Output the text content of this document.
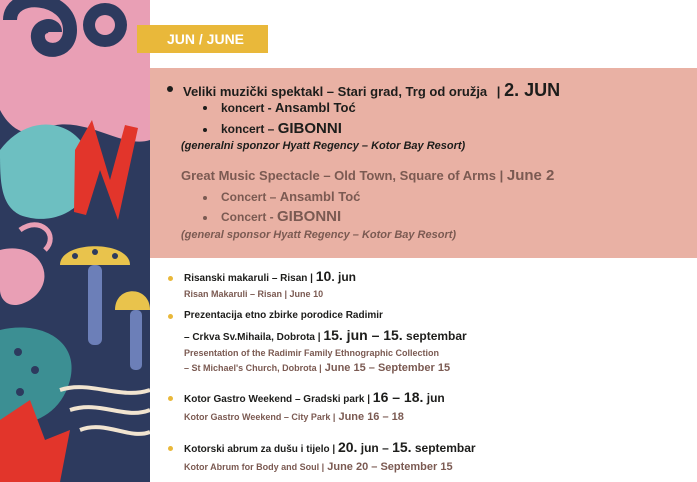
JUN / JUNE
Veliki muzički spektakl – Stari grad, Trg od oružja | 2. JUN
koncert - Ansambl Toć
koncert – GIBONNI
(generalni sponzor Hyatt Regency – Kotor Bay Resort)
Great Music Spectacle – Old Town, Square of Arms | June 2
Concert – Ansambl Toć
Concert - GIBONNI
(general sponsor Hyatt Regency – Kotor Bay Resort)
Risanski makaruli – Risan | 10. jun
Risan Makaruli – Risan | June 10
Prezentacija etno zbirke porodice Radimir
– Crkva Sv.Mihaila, Dobrota | 15. jun – 15. septembar
Presentation of the Radimir Family Ethnographic Collection
– St Michael's Church, Dobrota | June 15 – September 15
Kotor Gastro Weekend – Gradski park | 16 – 18. jun
Kotor Gastro Weekend – City Park | June 16 – 18
Kotorski abrum za dušu i tijelo | 20. jun – 15. septembar
Kotor Abrum for Body and Soul | June 20 – September 15
